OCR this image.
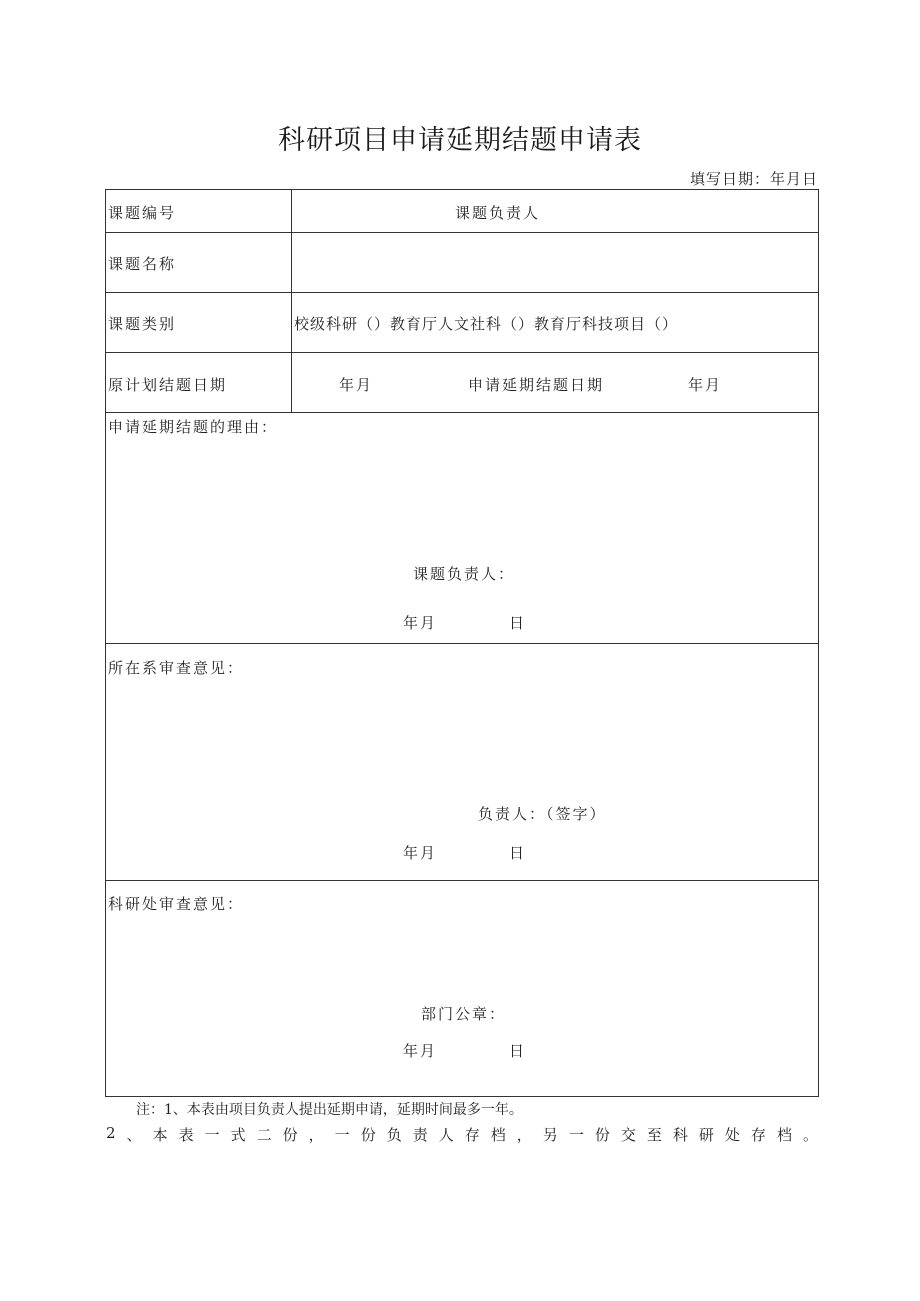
科研项目申请延期结题申请表
填写日期：年月日
课题编号	课题负责人
课题名称
课题类别	校级科研（）教育厅人文社科（）教育厅科技项目（）
原计划结题日期	年月	申请延期结题日期	年月
申请延期结题的理由：
课题负责人：
年月	日
所在系审查意见：
负责人：（签字）
年月	日
科研处审查意见：
部门公章：
年月	日
注：1、本表由项目负责人提出延期申请，延期时间最多一年。
2 、 本 表 一 式 二 份 ， 一 份 负 责 人 存 档 ， 另 一 份 交 至 科 研 处 存 档 。
